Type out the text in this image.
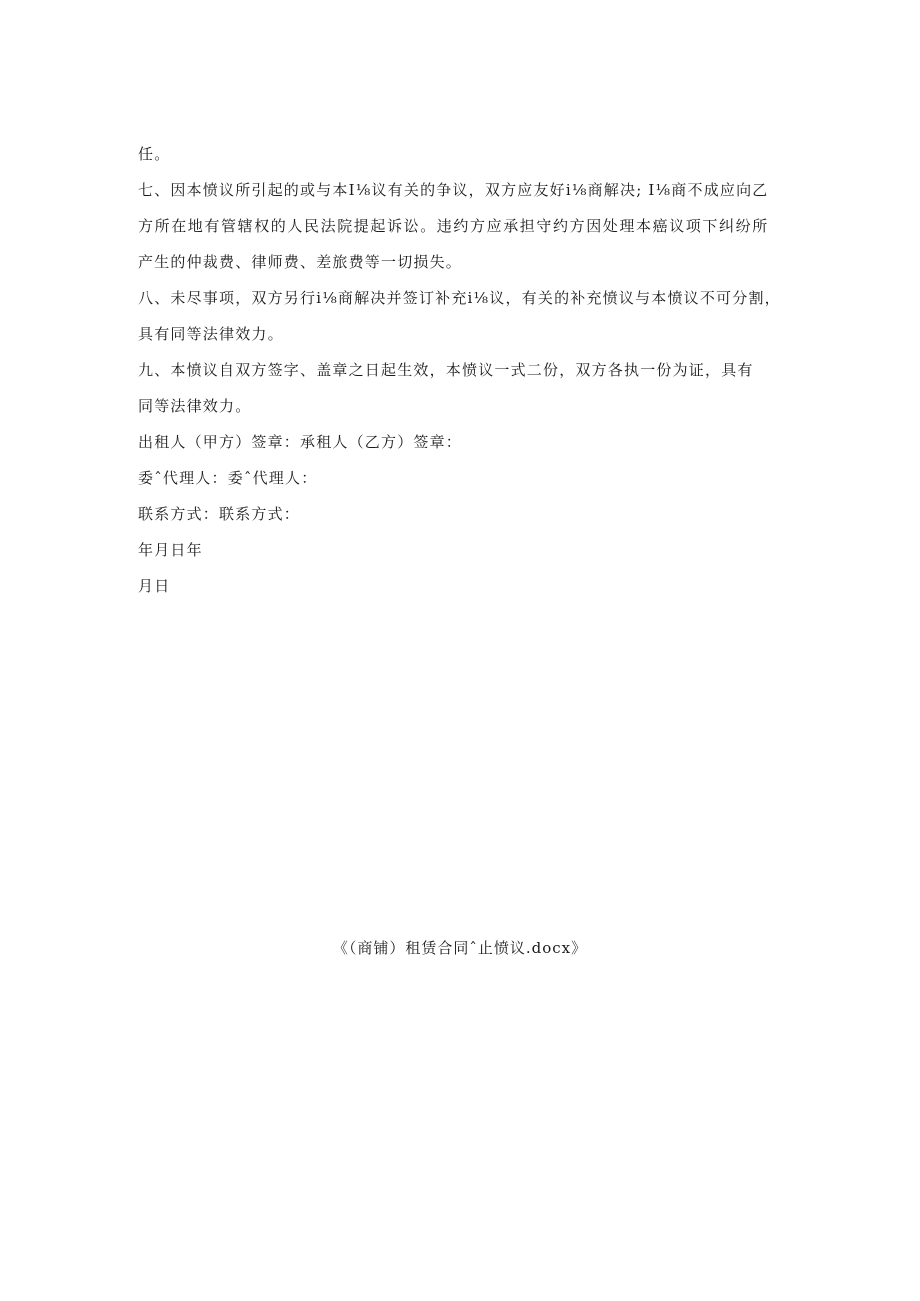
任。
七、因本愤议所引起的或与本I⅛议有关的争议，双方应友好i⅛商解决; I⅛商不成应向乙
方所在地有管辖权的人民法院提起诉讼。违约方应承担守约方因处理本癌议项下纠纷所
产生的仲裁费、律师费、差旅费等一切损失。
八、未尽事项，双方另行i⅛商解决并签订补充i⅛议，有关的补充愤议与本愤议不可分割，
具有同等法律效力。
九、本愤议自双方签字、盖章之日起生效，本愤议一式二份，双方各执一份为证，具有
同等法律效力。
出租人（甲方）签章：承租人（乙方）签章：
委ˆ代理人：委ˆ代理人：
联系方式：联系方式：
年月日年
月日
《（商铺）租赁合同ˆ止愤议.docx》
